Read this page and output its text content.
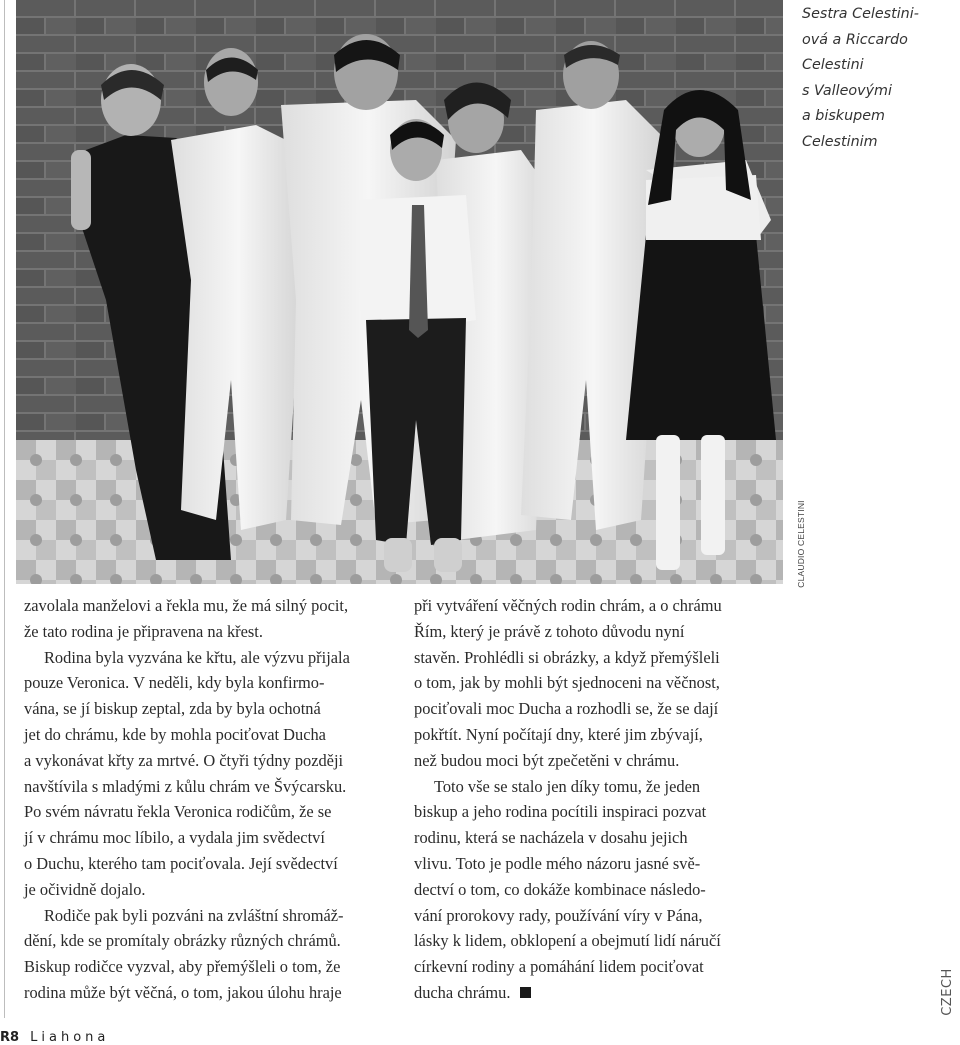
Sestra Celestini-
ová a Riccardo
Celestini
s Valleovými
a biskupem
Celestinim
CLAUDIO CELESTINI
zavolala manželovi a řekla mu, že má silný pocit,
že tato rodina je připravena na křest.
Rodina byla vyzvána ke křtu, ale výzvu přijala
pouze Veronica. V neděli, kdy byla konfirmo-
vána, se jí biskup zeptal, zda by byla ochotná
jet do chrámu, kde by mohla pociťovat Ducha
a vykonávat křty za mrtvé. O čtyři týdny později
navštívila s mladými z kůlu chrám ve Švýcarsku.
Po svém návratu řekla Veronica rodičům, že se
jí v chrámu moc líbilo, a vydala jim svědectví
o Duchu, kterého tam pociťovala. Její svědectví
je očividně dojalo.
Rodiče pak byli pozváni na zvláštní shromáž-
dění, kde se promítaly obrázky různých chrámů.
Biskup rodičce vyzval, aby přemýšleli o tom, že
rodina může být věčná, o tom, jakou úlohu hraje
při vytváření věčných rodin chrám, a o chrámu
Řím, který je právě z tohoto důvodu nyní
stavěn. Prohlédli si obrázky, a když přemýšleli
o tom, jak by mohli být sjednoceni na věčnost,
pociťovali moc Ducha a rozhodli se, že se dají
pokřtít. Nyní počítají dny, které jim zbývají,
než budou moci být zpečetěni v chrámu.
Toto vše se stalo jen díky tomu, že jeden
biskup a jeho rodina pocítili inspiraci pozvat
rodinu, která se nacházela v dosahu jejich
vlivu. Toto je podle mého názoru jasné svě-
dectví o tom, co dokáže kombinace následo-
vání prorokovy rady, používání víry v Pána,
lásky k lidem, obklopení a obejmutí lidí náručí
církevní rodiny a pomáhání lidem pociťovat
ducha chrámu.
R8 Liahona
CZECH
